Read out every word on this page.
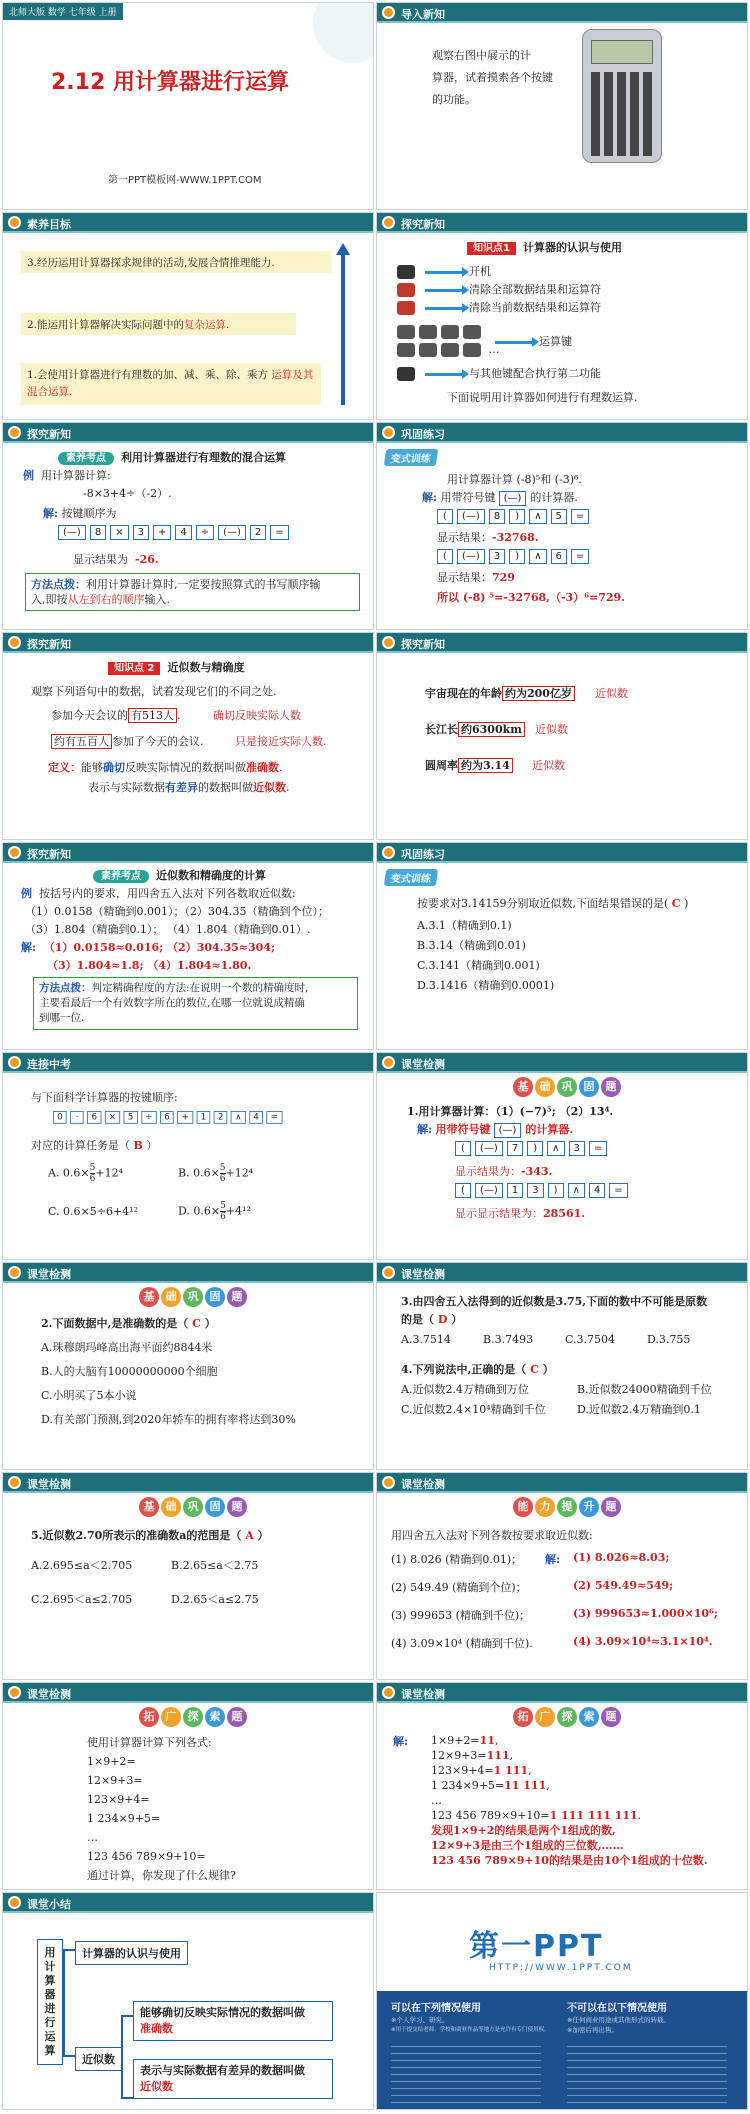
北师大版 数学 七年级 上册
2.12 用计算器进行运算
第一PPT模板网-WWW.1PPT.COM
导入新知
观察右图中展示的计
算器，试着摸索各个按键
的功能。
素养目标
3.经历运用计算器探求规律的活动,发展合情推理能力.
2.能运用计算器解决实际问题中的复杂运算.
1.会使用计算器进行有理数的加、减、乘、除、乘方 运算及其混合运算.
探究新知
知识点1 计算器的认识与使用
开机
清除全部数据结果和运算符
清除当前数据结果和运算符
…
运算键
与其他键配合执行第二功能
下面说明用计算器如何进行有理数运算.
探究新知
素养考点 利用计算器进行有理数的混合运算
例 用计算器计算:
-8×3+4÷（-2）.
解: 按键顺序为
(—) 8 × 3 + 4 ÷ (—) 2 =
显示结果为 -26.
方法点拨：利用计算器计算时,一定要按照算式的书写顺序输
入,即按从左到右的顺序输入.
巩固练习
变式训练
用计算器计算 (-8)⁵和 (-3)⁶.
解: 用带符号键 (—) 的计算器.
( (—) 8 ) ∧ 5 =
显示结果：-32768.
( (—) 3 ) ∧ 6 =
显示结果：729
所以 (-8) ⁵=-32768,（-3）⁶=729.
探究新知
知识点 2 近似数与精确度
观察下列语句中的数据，试着发现它们的不同之处.
参加今天会议的 有513人 .	确切反映实际人数
约有五百人 参加了今天的会议.	只是接近实际人数.
定义：能够确切反映实际情况的数据叫做准确数.
表示与实际数据有差异的数据叫做近似数.
探究新知
宇宙现在的年龄 约为200亿岁 近似数
长江长 约6300km 近似数
圆周率 约为3.14 近似数
探究新知
素养考点 近似数和精确度的计算
例 按括号内的要求，用四舍五入法对下列各数取近似数:
（1）0.0158（精确到0.001）；（2）304.35（精确到个位）；
（3）1.804（精确到0.1）； （4）1.804（精确到0.01）.
解: （1）0.0158≈0.016; （2）304.35≈304;
（3）1.804≈1.8; （4）1.804≈1.80.
方法点拨：判定精确程度的方法:在说明一个数的精确度时,
主要看最后一个有效数字所在的数位,在哪一位就说成精确
到哪一位.
巩固练习
变式训练
按要求对3.14159分别取近似数,下面结果错误的是( C )
A.3.1（精确到0.1)
B.3.14（精确到0.01)
C.3.141（精确到0.001)
D.3.1416（精确到0.0001)
连接中考
与下面科学计算器的按键顺序:
0 · 6 × 5 ÷ 6 + 1 2 ∧ 4 =
对应的计算任务是（ B ）
A. $0.6\times \frac{5}{6} +12^4$	B. $0.6\times \frac{5}{6} +12^4$
C. 0.6×5÷6+4¹²	D. $0.6\times \frac{5}{6} +4^{12}$
课堂检测
基 础 巩 固 题
1.用计算器计算：（1）(−7)⁵; （2）13⁴.
解: 用带符号键 (—) 的计算器.
( (—) 7 ) ∧ 3 =
显示结果为：-343.
( (—) 1 3 ) ∧ 4 =
显示显示结果为：28561.
课堂检测
基 础 巩 固 题
2.下面数据中,是准确数的是（ C ）
A.珠穆朗玛峰高出海平面约8844米
B.人的大脑有10000000000个细胞
C.小明买了5本小说
D.有关部门预测,到2020年轿车的拥有率将达到30%
课堂检测
3.由四舍五入法得到的近似数是3.75,下面的数中不可能是原数
的是（ D ）
A.3.7514	B.3.7493	C.3.7504	D.3.755
4.下列说法中,正确的是（ C ）
A.近似数2.4万精确到万位	B.近似数24000精确到千位
C.近似数2.4×10⁴精确到千位	D.近似数2.4万精确到0.1
课堂检测
基 础 巩 固 题
5.近似数2.70所表示的准确数a的范围是（ A ）
A.2.695≤a＜2.705	B.2.65≤a＜2.75
C.2.695＜a≤2.705	D.2.65＜a≤2.75
课堂检测
能 力 提 升 题
用四舍五入法对下列各数按要求取近似数:
(1) 8.026 (精确到0.01)；
(2) 549.49 (精确到个位)；
(3) 999653 (精确到千位)；
(4) 3.09×10⁴ (精确到千位).
解: (1) 8.026≈8.03;
(2) 549.49≈549;
(3) 999653≈1.000×10⁶;
(4) 3.09×10⁴≈3.1×10⁴.
课堂检测
拓 广 探 索 题
使用计算器计算下列各式:
1×9+2=
12×9+3=
123×9+4=
1 234×9+5=
…
123 456 789×9+10=
通过计算，你发现了什么规律?
课堂检测
拓 广 探 索 题
解: 1×9+2=11,
12×9+3=111,
123×9+4=1 111,
1 234×9+5=11 111,
…
123 456 789×9+10=1 111 111 111.
发现1×9+2的结果是两个1组成的数,
12×9+3是由三个1组成的三位数,……
123 456 789×9+10的结果是由10个1组成的十位数.
课堂小结
用计算器进行运算
计算器的认识与使用
近似数
能够确切反映实际情况的数据叫做
准确数
表示与实际数据有差异的数据叫做
近似数
第一PPT
HTTP://WWW.1PPT.COM
可以在下列情况使用	不可以在以下情况使用
※个人学习、研究。
※用于提交给老师、学校和商业作品等地方是允许有专门使用权。
※任何商业用途或其他形式的转载。
※加密后再出售。
